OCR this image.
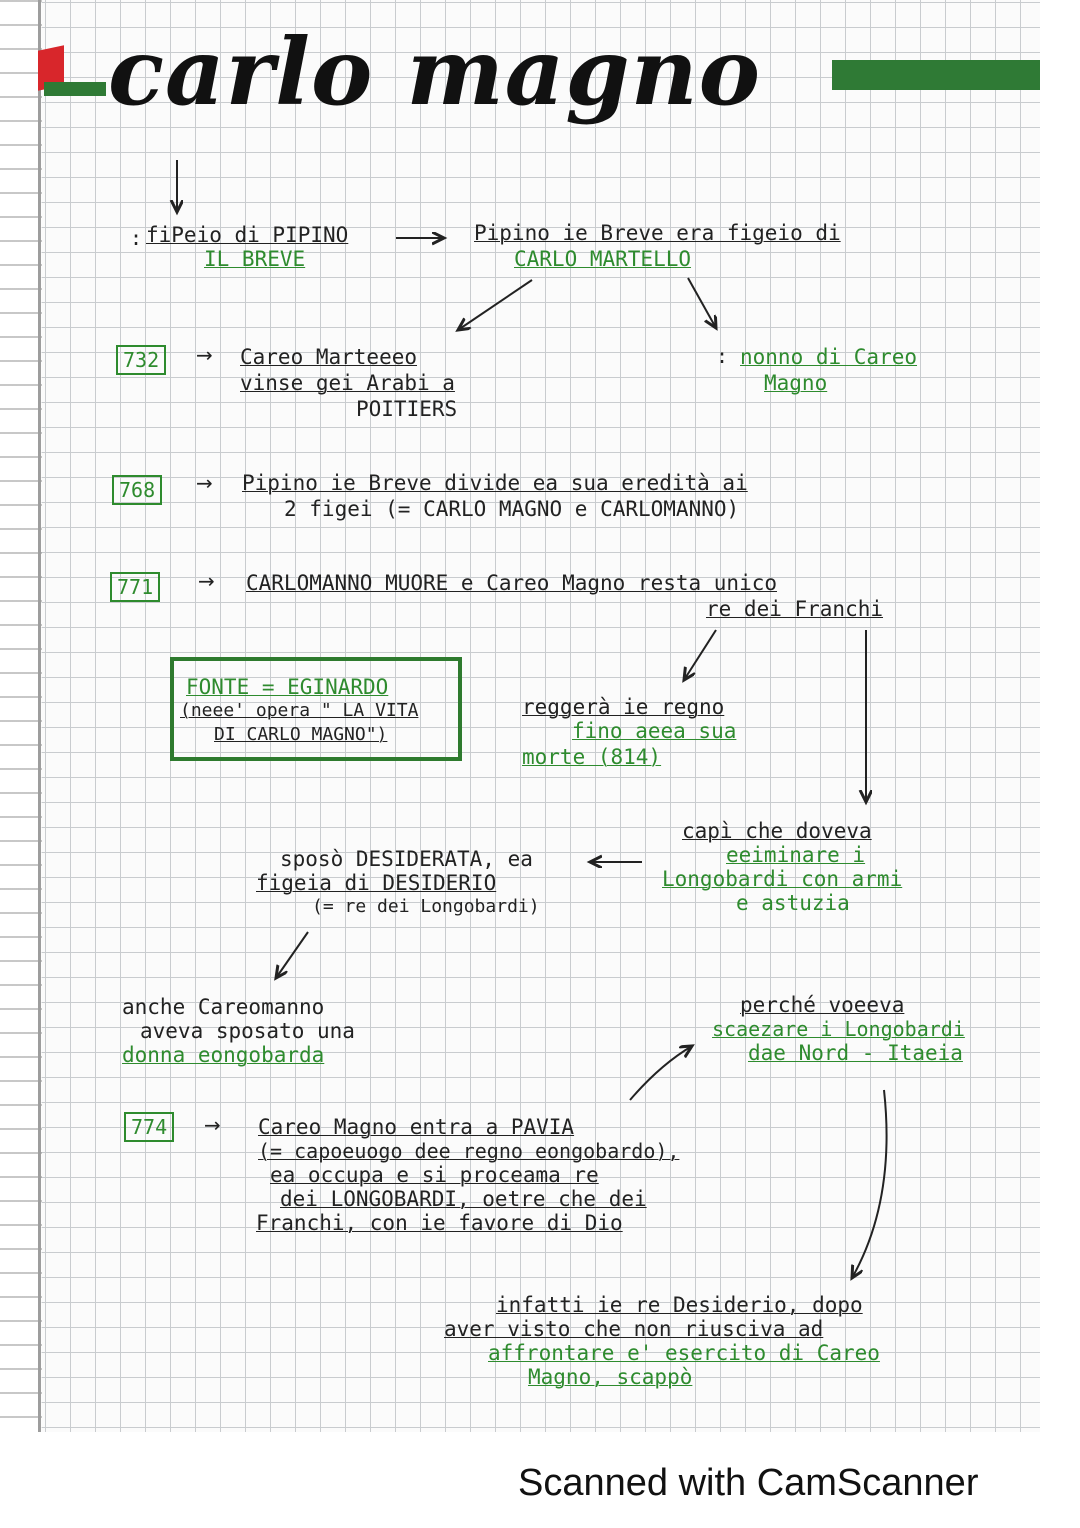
carlo magno
→
→
→
→
: fiPeio di PIPINO
IL BREVE
Pipino ie Breve era figeio di
CARLO MARTELLO
: nonno di Careo
Magno
732	Careo Marteeeo
vinse gei Arabi a
POITIERS
768	Pipino ie Breve divide ea sua eredità ai
2 figei (= CARLO MAGNO e CARLOMANNO)
771	CARLOMANNO MUORE e Careo Magno resta unico
re dei Franchi
FONTE = EGINARDO
(neee' opera " LA VITA
DI CARLO MAGNO")
reggerà ie regno
fino aeea sua
morte (814)
capì che doveva
eeiminare i
Longobardi con armi
e astuzia
sposò DESIDERATA, ea
figeia di DESIDERIO
(= re dei Longobardi)
anche Careomanno
aveva sposato una
donna eongobarda
perché voeeva
scaezare i Longobardi
dae Nord - Itaeia
774	Careo Magno entra a PAVIA
(= capoeuogo dee regno eongobardo),
ea occupa e si proceama re
dei LONGOBARDI, oetre che dei
Franchi, con ie favore di Dio
infatti ie re Desiderio, dopo
aver visto che non riusciva ad
affrontare e' esercito di Careo
Magno, scappò
Scanned with CamScanner
